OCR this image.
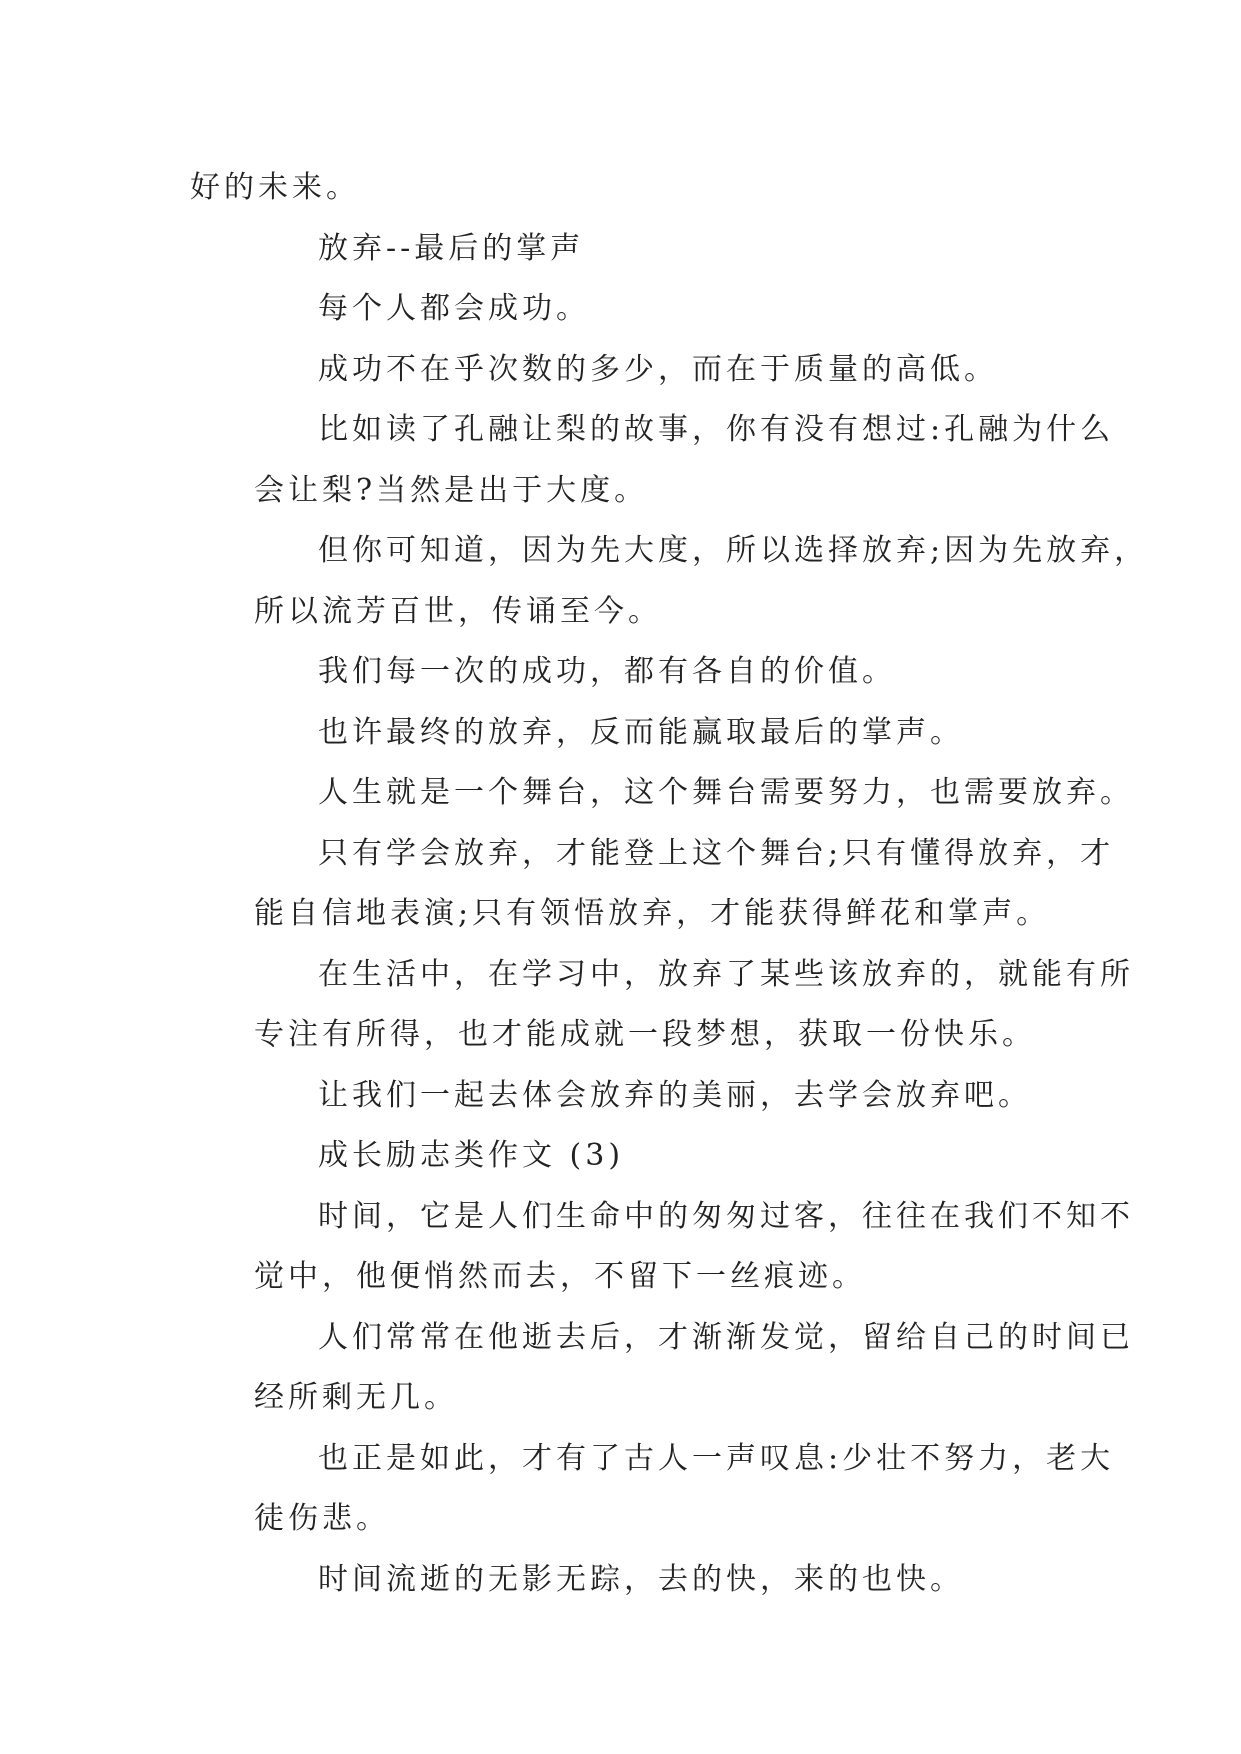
好的未来。

放弃--最后的掌声

每个人都会成功。

成功不在乎次数的多少，而在于质量的高低。

比如读了孔融让梨的故事，你有没有想过:孔融为什么
会让梨?当然是出于大度。

但你可知道，因为先大度，所以选择放弃;因为先放弃，
所以流芳百世，传诵至今。

我们每一次的成功，都有各自的价值。

也许最终的放弃，反而能赢取最后的掌声。

人生就是一个舞台，这个舞台需要努力，也需要放弃。

只有学会放弃，才能登上这个舞台;只有懂得放弃，才
能自信地表演;只有领悟放弃，才能获得鲜花和掌声。

在生活中，在学习中，放弃了某些该放弃的，就能有所
专注有所得，也才能成就一段梦想，获取一份快乐。

让我们一起去体会放弃的美丽，去学会放弃吧。

成长励志类作文 (3)

时间，它是人们生命中的匆匆过客，往往在我们不知不
觉中，他便悄然而去，不留下一丝痕迹。

人们常常在他逝去后，才渐渐发觉，留给自己的时间已
经所剩无几。

也正是如此，才有了古人一声叹息:少壮不努力，老大
徒伤悲。

时间流逝的无影无踪，去的快，来的也快。
